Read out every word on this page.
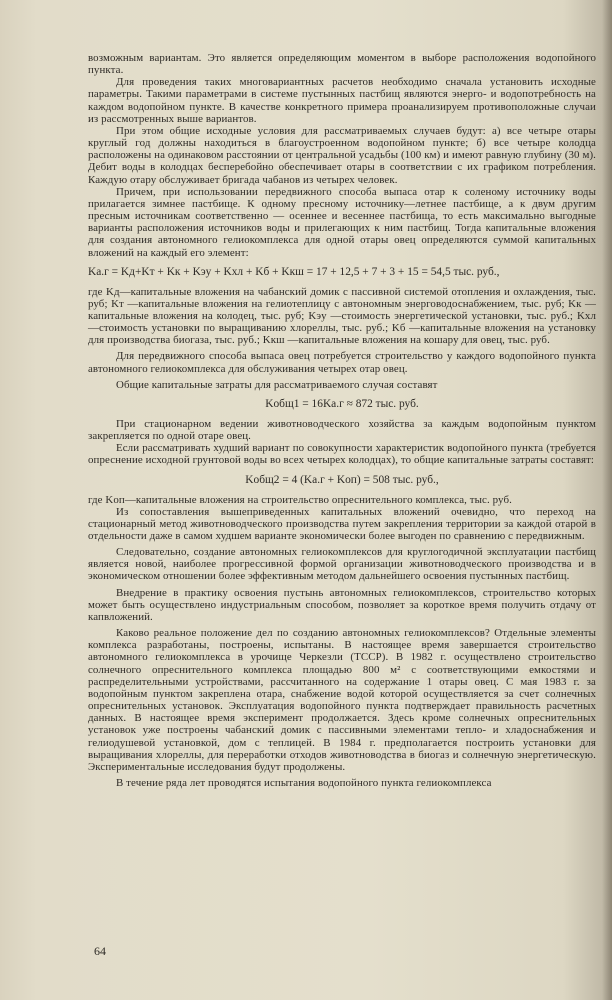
возможным вариантам. Это является определяющим моментом в выборе расположения водопойного пункта.

Для проведения таких многовариантных расчетов необходимо сначала установить исходные параметры. Такими параметрами в системе пустынных пастбищ являются энерго- и водопотребность на каждом водопойном пункте. В качестве конкретного примера проанализируем противоположные случаи из рассмотренных выше вариантов.

При этом общие исходные условия для рассматриваемых случаев будут: а) все четыре отары круглый год должны находиться в благоустроенном водопойном пункте; б) все четыре колодца расположены на одинаковом расстоянии от центральной усадьбы (100 км) и имеют равную глубину (30 м). Дебит воды в колодцах бесперебойно обеспечивает отары в соответствии с их графиком потребления. Каждую отару обслуживает бригада чабанов из четырех человек.

Причем, при использовании передвижного способа выпаса отар к соленому источнику воды прилагается зимнее пастбище. К одному пресному источнику—летнее пастбище, а к двум другим пресным источникам соответственно — осеннее и весеннее пастбища, то есть максимально выгодные варианты расположения источников воды и прилегающих к ним пастбищ. Тогда капитальные вложения для создания автономного гелиокомплекса для одной отары овец определяются суммой капитальных вложений на каждый его элемент:

Kа.г = Kд+Kт + Kк + Kэу + Kхл + Kб + Kкш = 17 + 12,5 + 7 + 3 + 15 = 54,5 тыс. руб.,

где Kд—капитальные вложения на чабанский домик с пассивной системой отопления и охлаждения, тыс. руб; Kт —капитальные вложения на гелиотеплицу с автономным энерговодоснабжением, тыс. руб; Kк —капитальные вложения на колодец, тыс. руб; Kэу —стоимость энергетической установки, тыс. руб.; Kхл —стоимость установки по выращиванию хлореллы, тыс. руб.; Kб —капитальные вложения на установку для производства биогаза, тыс. руб.; Kкш —капитальные вложения на кошару для овец, тыс. руб.

Для передвижного способа выпаса овец потребуется строительство у каждого водопойного пункта автономного гелиокомплекса для обслуживания четырех отар овец.

Общие капитальные затраты для рассматриваемого случая составят

Kобщ1 = 16Kа.г ≈ 872 тыс. руб.

При стационарном ведении животноводческого хозяйства за каждым водопойным пунктом закрепляется по одной отаре овец.

Если рассматривать худший вариант по совокупности характеристик водопойного пункта (требуется опреснение исходной грунтовой воды во всех четырех колодцах), то общие капитальные затраты составят:

Kобщ2 = 4 (Kа.г + Kоп) = 508 тыс. руб.,

где Kоп—капитальные вложения на строительство опреснительного комплекса, тыс. руб.

Из сопоставления вышеприведенных капитальных вложений очевидно, что переход на стационарный метод животноводческого производства путем закрепления территории за каждой отарой в отдельности даже в самом худшем варианте экономически более выгоден по сравнению с передвижным.

Следовательно, создание автономных гелиокомплексов для круглогодичной эксплуатации пастбищ является новой, наиболее прогрессивной формой организации животноводческого производства и в экономическом отношении более эффективным методом дальнейшего освоения пустынных пастбищ.

Внедрение в практику освоения пустынь автономных гелиокомплексов, строительство которых может быть осуществлено индустриальным способом, позволяет за короткое время получить отдачу от капвложений.

Каково реальное положение дел по созданию автономных гелиокомплексов? Отдельные элементы комплекса разработаны, построены, испытаны. В настоящее время завершается строительство автономного гелиокомплекса в урочище Черкезли (ТССР). В 1982 г. осуществлено строительство солнечного опреснительного комплекса площадью 800 м² с соответствующими емкостями и распределительными устройствами, рассчитанного на содержание 1 отары овец. С мая 1983 г. за водопойным пунктом закреплена отара, снабжение водой которой осуществляется за счет солнечных опреснительных установок. Эксплуатация водопойного пункта подтверждает правильность расчетных данных. В настоящее время эксперимент продолжается. Здесь кроме солнечных опреснительных установок уже построены чабанский домик с пассивными элементами тепло- и хладоснабжения и гелиодушевой установкой, дом с теплицей. В 1984 г. предполагается построить установки для выращивания хлореллы, для переработки отходов животноводства в биогаз и солнечную энергетическую. Экспериментальные исследования будут продолжены.

В течение ряда лет проводятся испытания водопойного пункта гелиокомплекса

64
